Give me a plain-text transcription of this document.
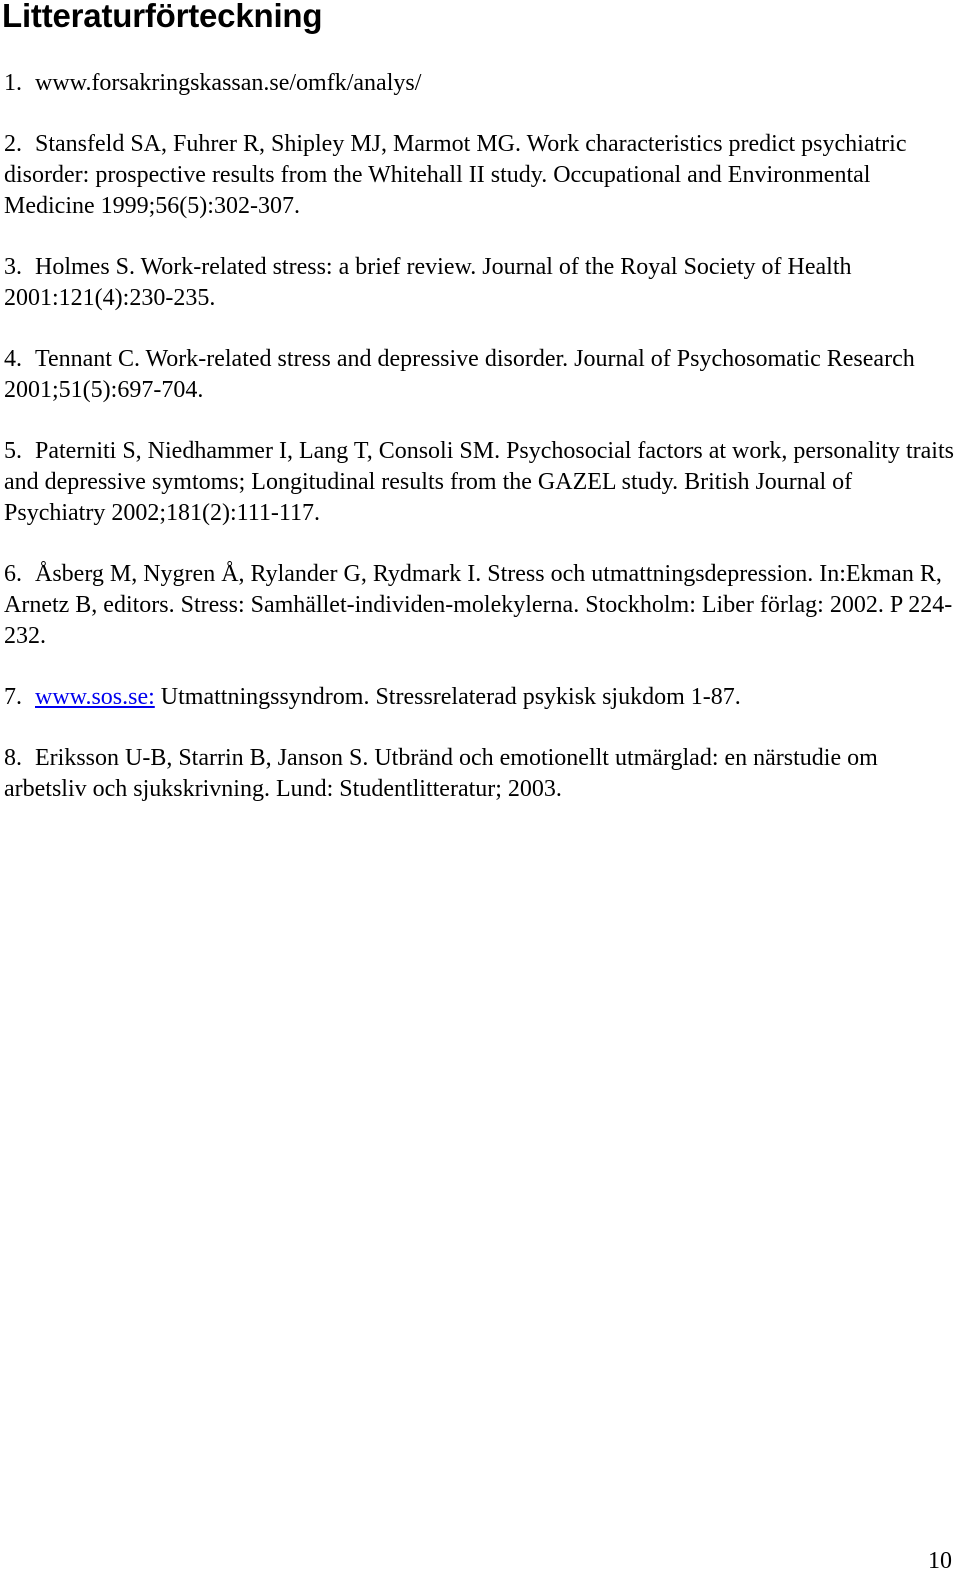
Litteraturförteckning
1. www.forsakringskassan.se/omfk/analys/
2. Stansfeld SA, Fuhrer R, Shipley MJ, Marmot MG. Work characteristics predict psychiatric disorder: prospective results from the Whitehall II study. Occupational and Environmental Medicine 1999;56(5):302-307.
3. Holmes S. Work-related stress: a brief review. Journal of the Royal Society of Health 2001:121(4):230-235.
4. Tennant C. Work-related stress and depressive disorder. Journal of Psychosomatic Research 2001;51(5):697-704.
5. Paterniti S, Niedhammer I, Lang T, Consoli SM. Psychosocial factors at work, personality traits and depressive symtoms; Longitudinal results from the GAZEL study. British Journal of Psychiatry 2002;181(2):111-117.
6. Åsberg M, Nygren Å, Rylander G, Rydmark I. Stress och utmattningsdepression. In:Ekman R, Arnetz B, editors. Stress: Samhället-individen-molekylerna. Stockholm: Liber förlag: 2002. P 224-232.
7. www.sos.se: Utmattningssyndrom. Stressrelaterad psykisk sjukdom 1-87.
8. Eriksson U-B, Starrin B, Janson S. Utbränd och emotionellt utmärglad: en närstudie om arbetsliv och sjukskrivning. Lund: Studentlitteratur; 2003.
10
